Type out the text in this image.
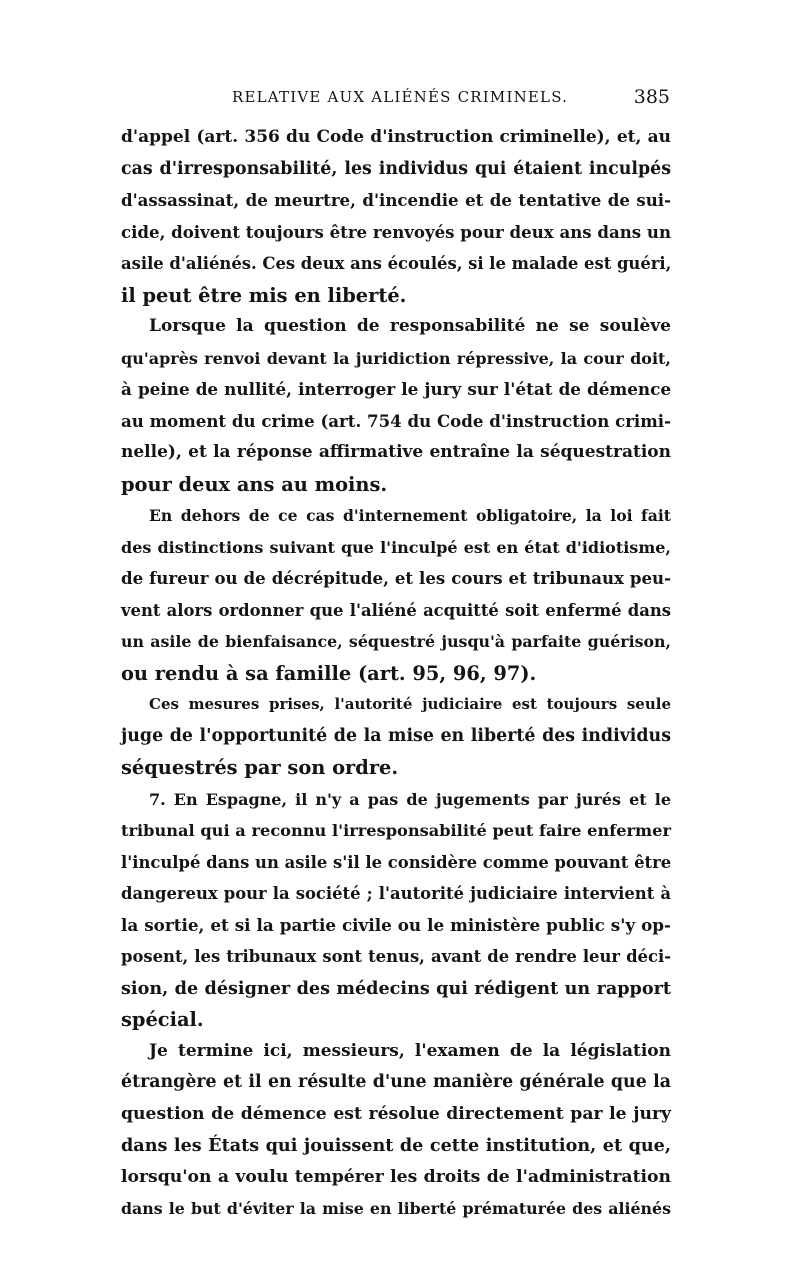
RELATIVE AUX ALIÉNÉS CRIMINELS.	385
d'appel (art. 356 du Code d'instruction criminelle), et, au
cas d'irresponsabilité, les individus qui étaient inculpés
d'assassinat, de meurtre, d'incendie et de tentative de sui-
cide, doivent toujours être renvoyés pour deux ans dans un
asile d'aliénés. Ces deux ans écoulés, si le malade est guéri,
il peut être mis en liberté.
Lorsque la question de responsabilité ne se soulève
qu'après renvoi devant la juridiction répressive, la cour doit,
à peine de nullité, interroger le jury sur l'état de démence
au moment du crime (art. 754 du Code d'instruction crimi-
nelle), et la réponse affirmative entraîne la séquestration
pour deux ans au moins.
En dehors de ce cas d'internement obligatoire, la loi fait
des distinctions suivant que l'inculpé est en état d'idiotisme,
de fureur ou de décrépitude, et les cours et tribunaux peu-
vent alors ordonner que l'aliéné acquitté soit enfermé dans
un asile de bienfaisance, séquestré jusqu'à parfaite guérison,
ou rendu à sa famille (art. 95, 96, 97).
Ces mesures prises, l'autorité judiciaire est toujours seule
juge de l'opportunité de la mise en liberté des individus
séquestrés par son ordre.
7. En Espagne, il n'y a pas de jugements par jurés et le
tribunal qui a reconnu l'irresponsabilité peut faire enfermer
l'inculpé dans un asile s'il le considère comme pouvant être
dangereux pour la société ; l'autorité judiciaire intervient à
la sortie, et si la partie civile ou le ministère public s'y op-
posent, les tribunaux sont tenus, avant de rendre leur déci-
sion, de désigner des médecins qui rédigent un rapport
spécial.
Je termine ici, messieurs, l'examen de la législation
étrangère et il en résulte d'une manière générale que la
question de démence est résolue directement par le jury
dans les États qui jouissent de cette institution, et que,
lorsqu'on a voulu tempérer les droits de l'administration
dans le but d'éviter la mise en liberté prématurée des aliénés
